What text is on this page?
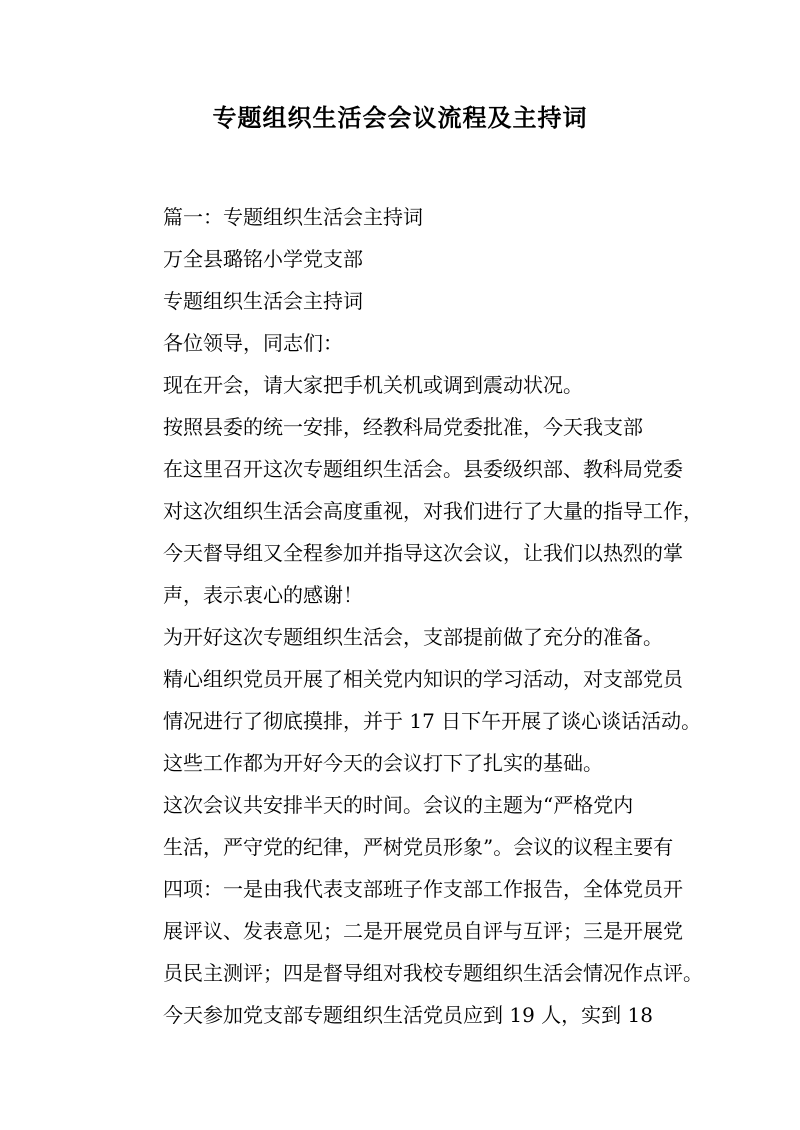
专题组织生活会会议流程及主持词

篇一：专题组织生活会主持词

万全县璐铭小学党支部

专题组织生活会主持词

各位领导，同志们：

现在开会，请大家把手机关机或调到震动状况。

按照县委的统一安排，经教科局党委批准，今天我支部
在这里召开这次专题组织生活会。县委级织部、教科局党委
对这次组织生活会高度重视，对我们进行了大量的指导工作，
今天督导组又全程参加并指导这次会议，让我们以热烈的掌
声，表示衷心的感谢！

为开好这次专题组织生活会，支部提前做了充分的准备。
精心组织党员开展了相关党内知识的学习活动，对支部党员
情况进行了彻底摸排，并于 17 日下午开展了谈心谈话活动。
这些工作都为开好今天的会议打下了扎实的基础。

这次会议共安排半天的时间。会议的主题为“严格党内
生活，严守党的纪律，严树党员形象”。会议的议程主要有
四项：一是由我代表支部班子作支部工作报告，全体党员开
展评议、发表意见；二是开展党员自评与互评；三是开展党
员民主测评；四是督导组对我校专题组织生活会情况作点评。

今天参加党支部专题组织生活党员应到 19 人，实到 18
